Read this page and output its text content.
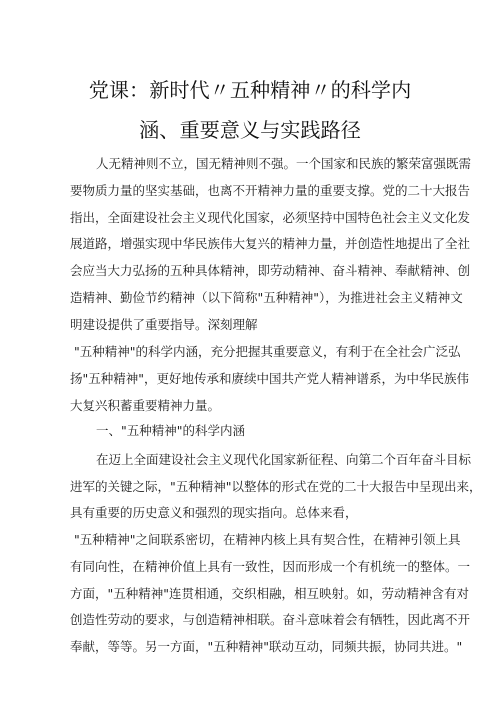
党课：新时代〃五种精神〃的科学内
涵、重要意义与实践路径
人无精神则不立，国无精神则不强。一个国家和民族的繁荣富强既需
要物质力量的坚实基础，也离不开精神力量的重要支撑。党的二十大报告
指出，全面建设社会主义现代化国家，必须坚持中国特色社会主义文化发
展道路，增强实现中华民族伟大复兴的精神力量，并创造性地提出了全社
会应当大力弘扬的五种具体精神，即劳动精神、奋斗精神、奉献精神、创
造精神、勤俭节约精神（以下简称"五种精神"），为推进社会主义精神文
明建设提供了重要指导。深刻理解
"五种精神"的科学内涵，充分把握其重要意义，有利于在全社会广泛弘
扬"五种精神"，更好地传承和赓续中国共产党人精神谱系，为中华民族伟
大复兴积蓄重要精神力量。
一、"五种精神"的科学内涵
在迈上全面建设社会主义现代化国家新征程、向第二个百年奋斗目标
进军的关键之际，"五种精神"以整体的形式在党的二十大报告中呈现出来，
具有重要的历史意义和强烈的现实指向。总体来看，
"五种精神"之间联系密切，在精神内核上具有契合性，在精神引领上具
有同向性，在精神价值上具有一致性，因而形成一个有机统一的整体。一
方面，"五种精神"连贯相通，交织相融，相互映射。如，劳动精神含有对
创造性劳动的要求，与创造精神相联。奋斗意味着会有牺牲，因此离不开
奉献，等等。另一方面，"五种精神"联动互动，同频共振，协同共进。"
